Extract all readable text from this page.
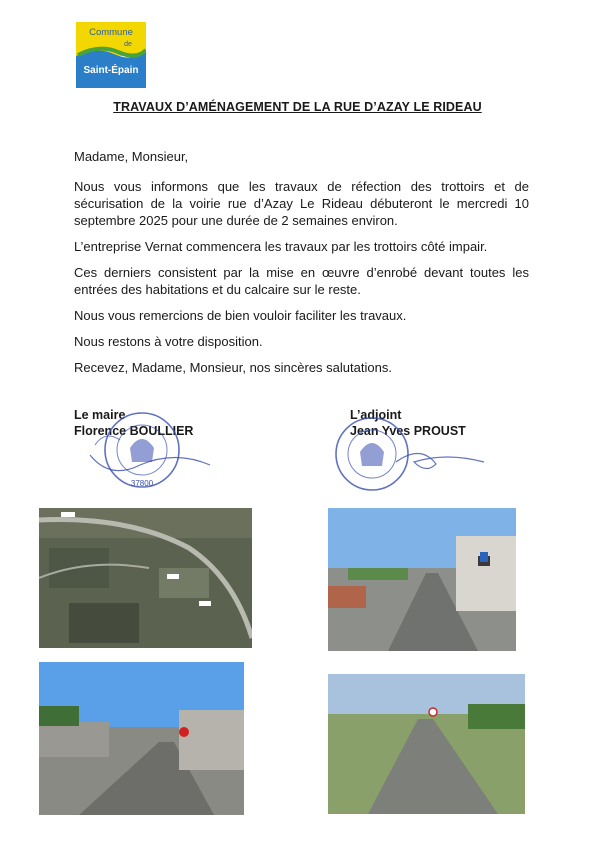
Commune
de
Saint-Épain
TRAVAUX D’AMÉNAGEMENT DE LA RUE D’AZAY LE RIDEAU

Madame, Monsieur,

Nous vous informons que les travaux de réfection des trottoirs et de sécurisation de la voirie rue d’Azay Le Rideau débuteront le mercredi 10 septembre 2025 pour une durée de 2 semaines environ.

L’entreprise Vernat commencera les travaux par les trottoirs côté impair.

Ces derniers consistent par la mise en œuvre d’enrobé devant toutes les entrées des habitations et du calcaire sur le reste.

Nous vous remercions de bien vouloir faciliter les travaux.

Nous restons à votre disposition.

Recevez, Madame, Monsieur, nos sincères salutations.

Le maire
Florence BOULLIER
L’adjoint
Jean Yves PROUST
37800
